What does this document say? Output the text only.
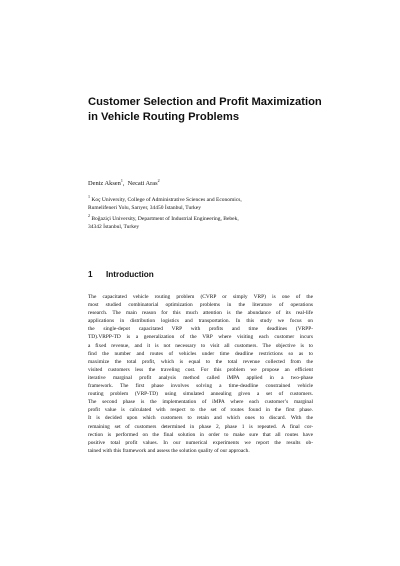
Customer Selection and Profit Maximization
in Vehicle Routing Problems
Deniz Aksen$^1$,  Necati Aras$^2$
$^1$ Koç University, College of Administrative Sciences and Economics,
Rumelifeneri Yolu, Sarıyer, 34450 İstanbul, Turkey
$^2$ Boğaziçi University, Department of Industrial Engineering, Bebek,
34342 İstanbul, Turkey
1 Introduction
The capacitated vehicle routing problem (CVRP or simply VRP) is one of the
most studied combinatorial optimization problems in the literature of operations
research. The main reason for this much attention is the abundance of its real-life
applications in distribution logistics and transportation. In this study we focus on
the single-depot capacitated VRP with profits and time deadlines (VRPP-
TD).VRPP-TD is a generalization of the VRP where visiting each customer incurs
a fixed revenue, and it is not necessary to visit all customers. The objective is to
find the number and routes of vehicles under time deadline restrictions so as to
maximize the total profit, which is equal to the total revenue collected from the
visited customers less the traveling cost. For this problem we propose an efficient
iterative marginal profit analysis method called iMPA applied in a two-phase
framework. The first phase involves solving a time-deadline constrained vehicle
routing problem (VRP-TD) using simulated annealing given a set of customers.
The second phase is the implementation of iMPA where each customer’s marginal
profit value is calculated with respect to the set of routes found in the first phase.
It is decided upon which customers to retain and which ones to discard. With the
remaining set of customers determined in phase 2, phase 1 is repeated. A final cor-
rection is performed on the final solution in order to make sure that all routes have
positive total profit values. In our numerical experiments we report the results ob-
tained with this framework and assess the solution quality of our approach.
